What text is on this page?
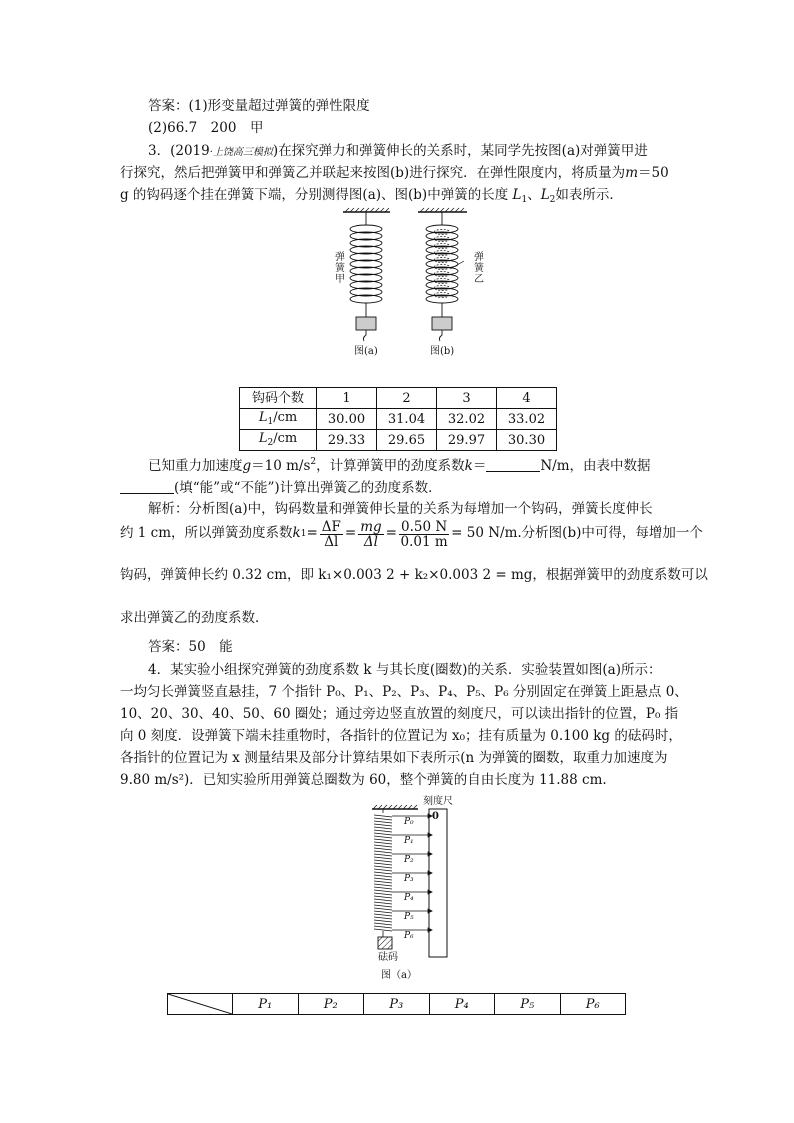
答案：(1)形变量超过弹簧的弹性限度
(2)66.7　200　甲
3．(2019·上饶高三模拟)在探究弹力和弹簧伸长的关系时，某同学先按图(a)对弹簧甲进
行探究，然后把弹簧甲和弹簧乙并联起来按图(b)进行探究．在弹性限度内，将质量为m＝50
g 的钩码逐个挂在弹簧下端，分别测得图(a)、图(b)中弹簧的长度 $L_1$、$L_2$如表所示．
弹簧甲
弹簧乙
图(a)	图(b)
钩码个数	1	2	3	4
$L_1/cm$	30.00	31.04	32.02	33.02
$L_2/cm$	29.33	29.65	29.97	30.30
已知重力加速度g＝10 $m/s^2$，计算弹簧甲的劲度系数k＝	N/m，由表中数据
(填“能”或“不能”)计算出弹簧乙的劲度系数．
解析：分析图(a)中，钩码数量和弹簧伸长量的关系为每增加一个钩码，弹簧长度伸长
约 1 cm，所以弹簧劲度系数 k $1 = \frac{\Delta F}{\Delta l} = \frac{mg}{\Delta l} = \frac{0.50 N}{0.01 m} = 50$ N/m.分析图(b)中可得，每增加一个
钩码，弹簧伸长约 0.32 cm，即 k₁×0.003 2 + k₂×0.003 2 = mg，根据弹簧甲的劲度系数可以
求出弹簧乙的劲度系数．
答案：50　能
4．某实验小组探究弹簧的劲度系数 k 与其长度(圈数)的关系．实验装置如图(a)所示：
一均匀长弹簧竖直悬挂，7 个指针 P₀、P₁、P₂、P₃、P₄、P₅、P₆ 分别固定在弹簧上距悬点 0、
10、20、30、40、50、60 圈处；通过旁边竖直放置的刻度尺，可以读出指针的位置，P₀ 指
向 0 刻度．设弹簧下端未挂重物时，各指针的位置记为 x₀；挂有质量为 0.100 kg 的砝码时，
各指针的位置记为 x 测量结果及部分计算结果如下表所示(n 为弹簧的圈数，取重力加速度为
9.80 m/s²)．已知实验所用弹簧总圈数为 60，整个弹簧的自由长度为 11.88 cm.
刻度尺
0
P₀
P₁
P₂
P₃
P₄
P₅
P₆
砝码
图（a）
	P₁	P₂	P₃	P₄	P₅	P₆
